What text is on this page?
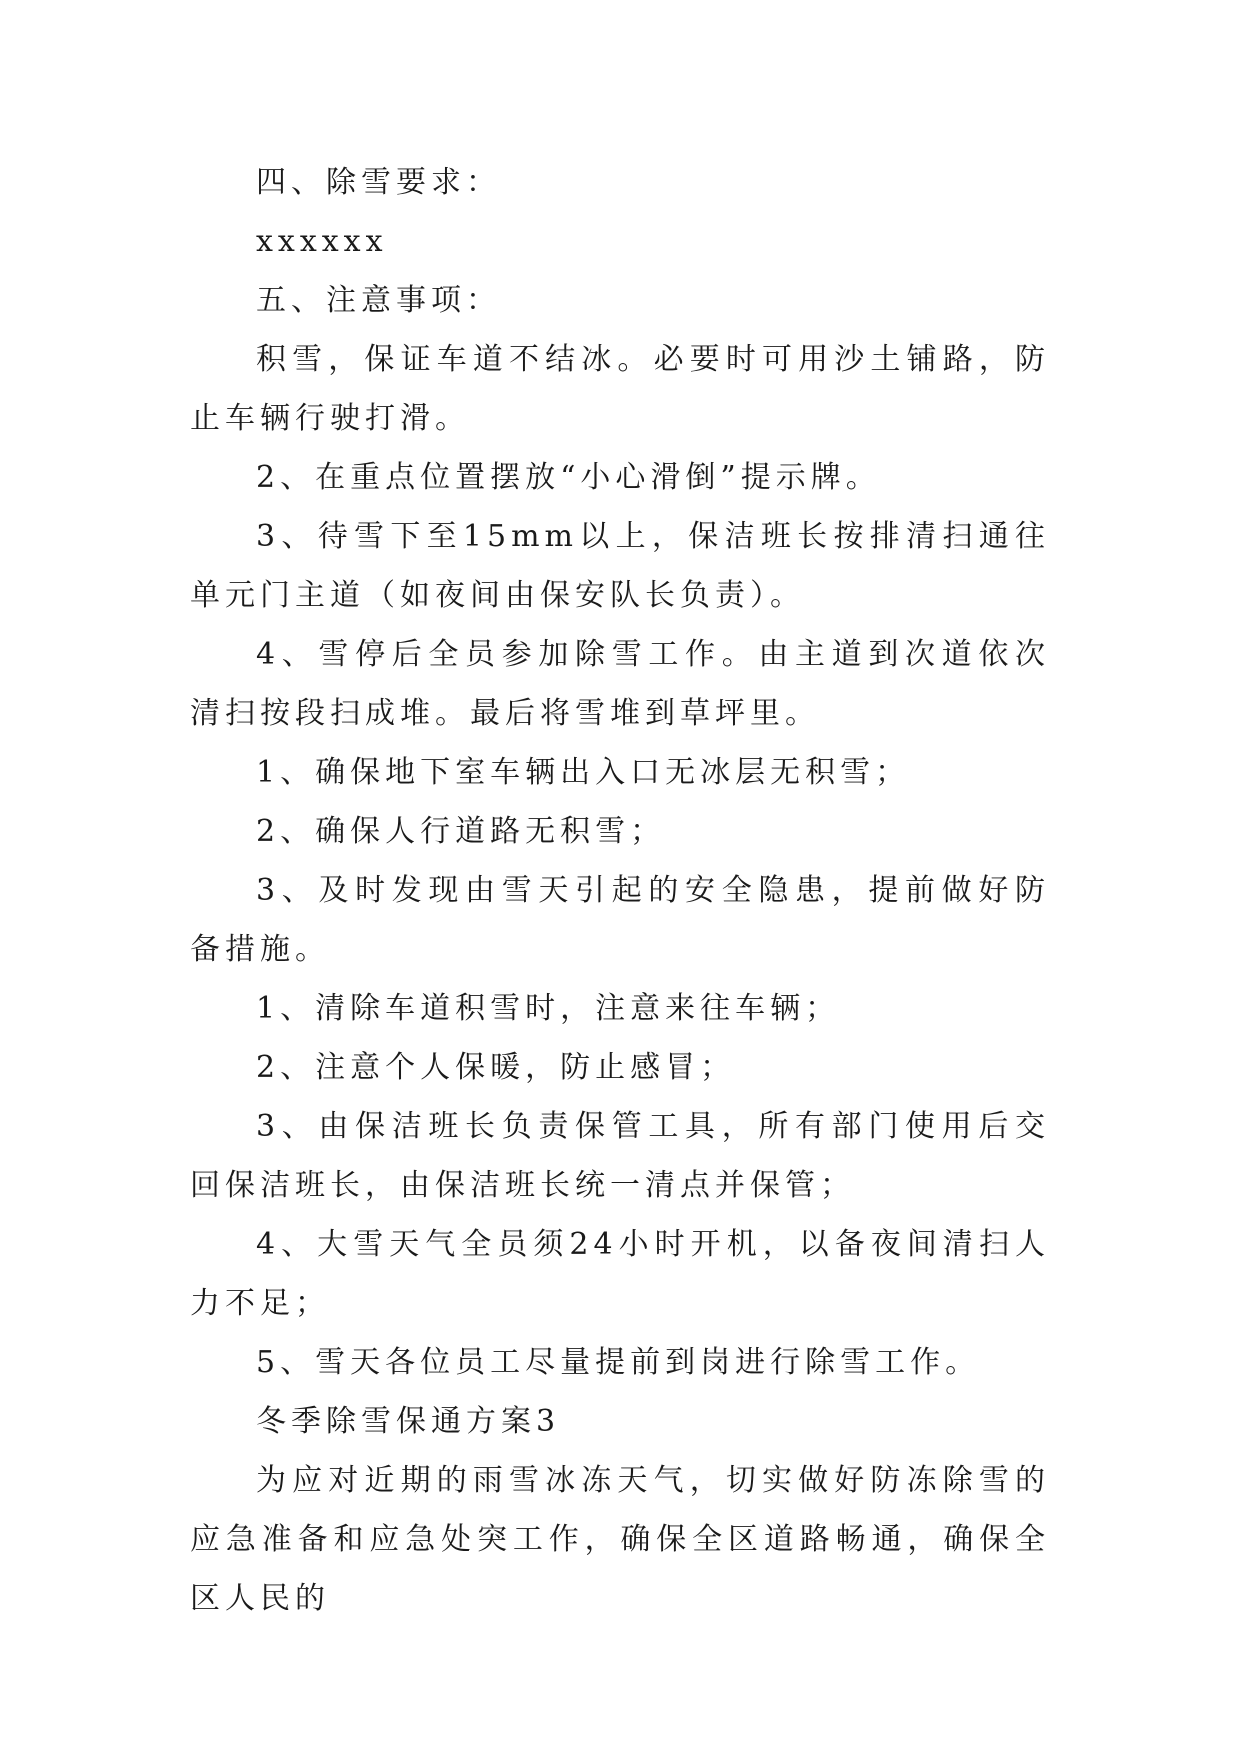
四、除雪要求：

xxxxxx

五、注意事项：

积雪，保证车道不结冰。必要时可用沙土铺路，防止车辆行驶打滑。

2、在重点位置摆放“小心滑倒”提示牌。

3、待雪下至15mm以上，保洁班长按排清扫通往单元门主道（如夜间由保安队长负责）。

4、雪停后全员参加除雪工作。由主道到次道依次清扫按段扫成堆。最后将雪堆到草坪里。

1、确保地下室车辆出入口无冰层无积雪；

2、确保人行道路无积雪；

3、及时发现由雪天引起的安全隐患，提前做好防备措施。

1、清除车道积雪时，注意来往车辆；

2、注意个人保暖，防止感冒；

3、由保洁班长负责保管工具，所有部门使用后交回保洁班长，由保洁班长统一清点并保管；

4、大雪天气全员须24小时开机，以备夜间清扫人力不足；

5、雪天各位员工尽量提前到岗进行除雪工作。

冬季除雪保通方案3

为应对近期的雨雪冰冻天气，切实做好防冻除雪的应急准备和应急处突工作，确保全区道路畅通，确保全区人民的
